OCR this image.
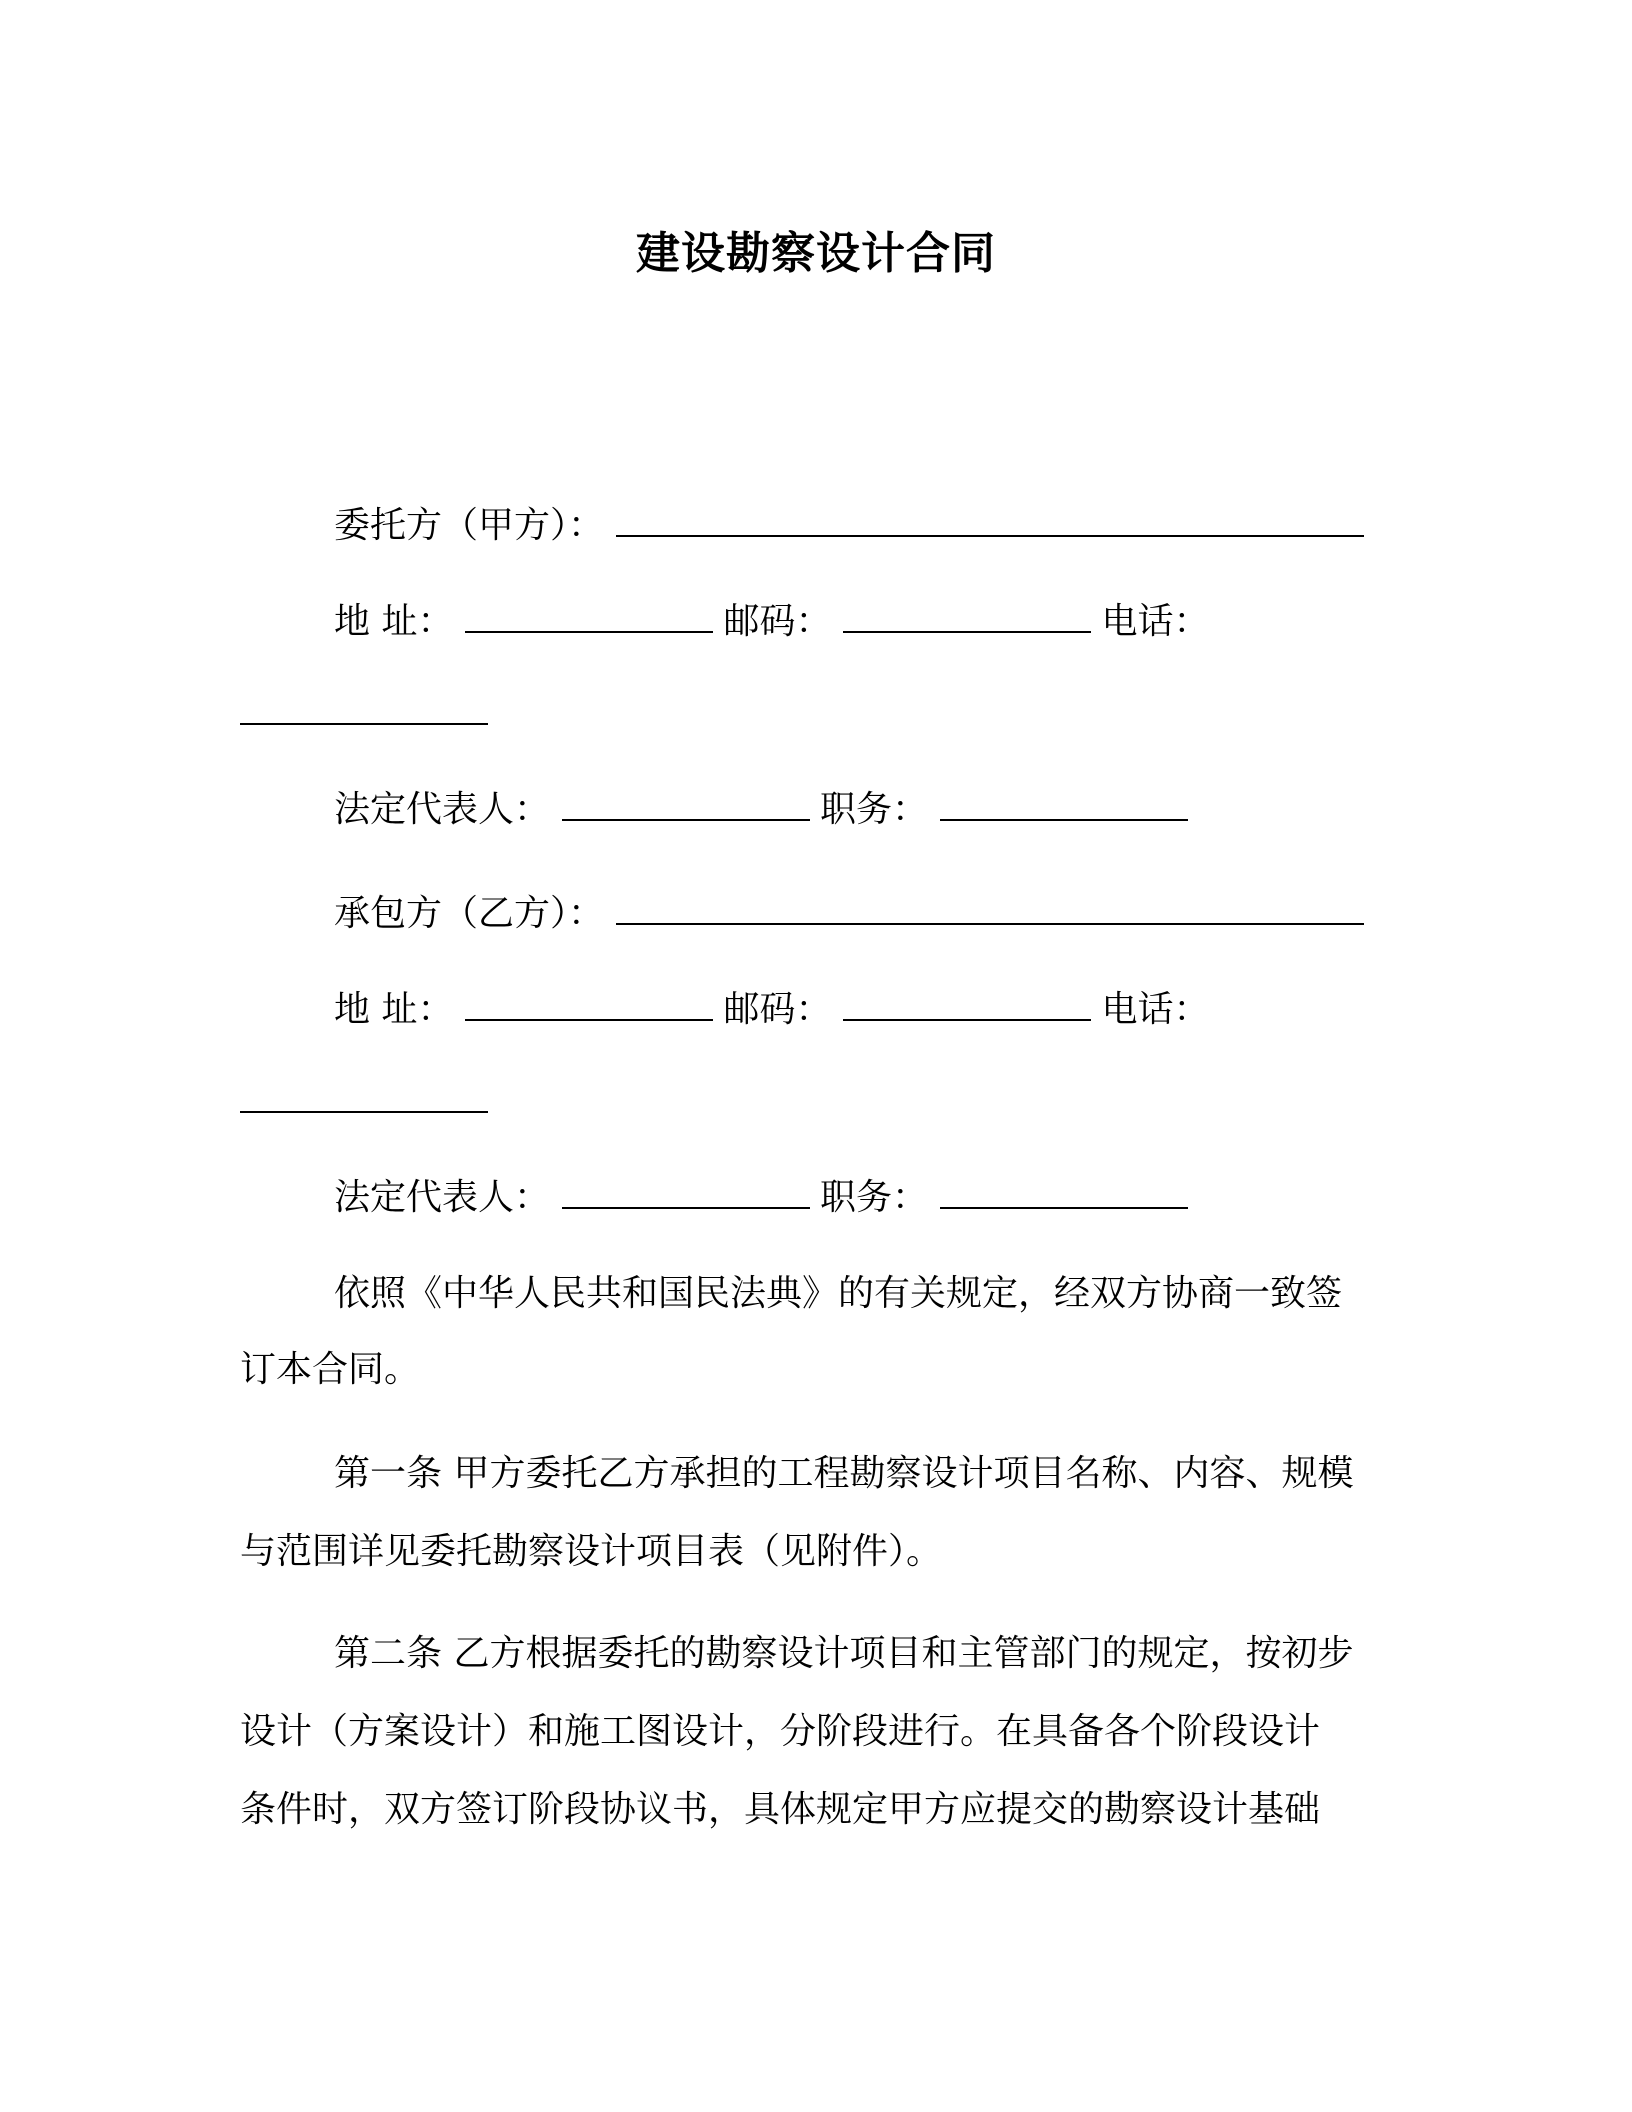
建设勘察设计合同
委托方（甲方）：
地 址：	邮码：	电话：
法定代表人：	职务：
承包方（乙方）：
地 址：	邮码：	电话：
法定代表人：	职务：
依照《中华人民共和国民法典》的有关规定，经双方协商一致签
订本合同。
第一条 甲方委托乙方承担的工程勘察设计项目名称、内容、规模
与范围详见委托勘察设计项目表（见附件）。
第二条 乙方根据委托的勘察设计项目和主管部门的规定，按初步
设计（方案设计）和施工图设计，分阶段进行。在具备各个阶段设计
条件时，双方签订阶段协议书，具体规定甲方应提交的勘察设计基础
